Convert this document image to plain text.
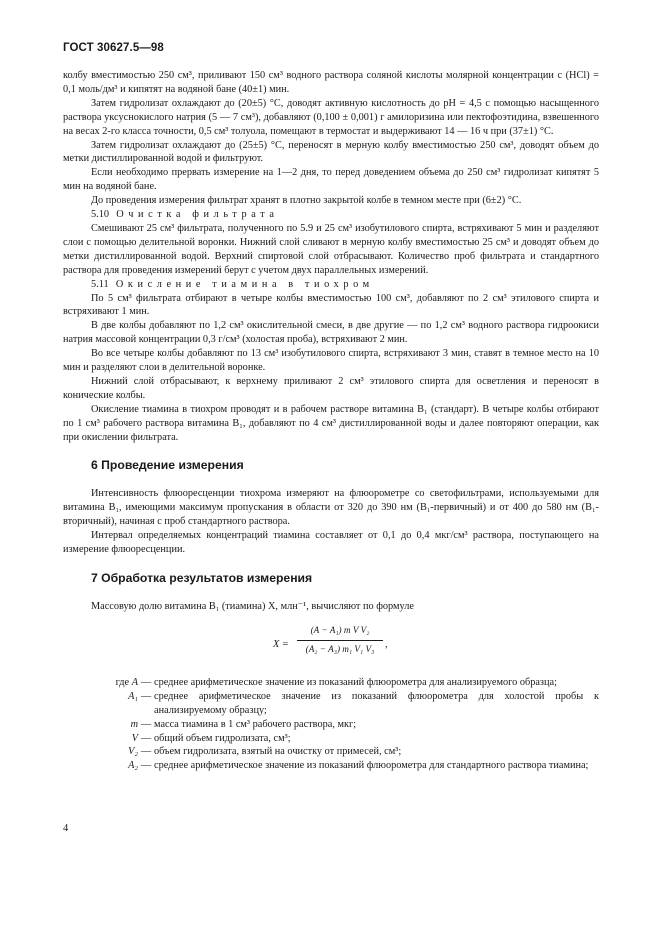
ГОСТ 30627.5—98

колбу вместимостью 250 см³, приливают 150 см³ водного раствора соляной кислоты молярной концентрации c (HCl) = 0,1 моль/дм³ и кипятят на водяной бане (40±1) мин.

Затем гидролизат охлаждают до (20±5) °С, доводят активную кислотность до pH = 4,5 с помощью насыщенного раствора уксуснокислого натрия (5 — 7 см³), добавляют (0,100 ± 0,001) г амилоризина или пектофоэтидина, взвешенного на весах 2-го класса точности, 0,5 см³ толуола, помещают в термостат и выдерживают 14 — 16 ч при (37±1) °С.

Затем гидролизат охлаждают до (25±5) °С, переносят в мерную колбу вместимостью 250 см³, доводят объем до метки дистиллированной водой и фильтруют.

Если необходимо прервать измерение на 1—2 дня, то перед доведением объема до 250 см³ гидролизат кипятят 5 мин на водяной бане.

До проведения измерения фильтрат хранят в плотно закрытой колбе в темном месте при (6±2) °С.

5.10 Очистка фильтрата

Смешивают 25 см³ фильтрата, полученного по 5.9 и 25 см³ изобутилового спирта, встряхивают 5 мин и разделяют слои с помощью делительной воронки. Нижний слой сливают в мерную колбу вместимостью 25 см³ и доводят объем до метки дистиллированной водой. Верхний спиртовой слой отбрасывают. Количество проб фильтрата и стандартного раствора для проведения измерений берут с учетом двух параллельных измерений.

5.11 Окисление тиамина в тиохром

По 5 см³ фильтрата отбирают в четыре колбы вместимостью 100 см³, добавляют по 2 см³ этилового спирта и встряхивают 1 мин.

В две колбы добавляют по 1,2 см³ окислительной смеси, в две другие — по 1,2 см³ водного раствора гидроокиси натрия массовой концентрации 0,3 г/см³ (холостая проба), встряхивают 2 мин.

Во все четыре колбы добавляют по 13 см³ изобутилового спирта, встряхивают 3 мин, ставят в темное место на 10 мин и разделяют слои в делительной воронке.

Нижний слой отбрасывают, к верхнему приливают 2 см³ этилового спирта для осветления и переносят в конические колбы.

Окисление тиамина в тиохром проводят и в рабочем растворе витамина B₁ (стандарт). В четыре колбы отбирают по 1 см³ рабочего раствора витамина B₁, добавляют по 4 см³ дистиллированной воды и далее повторяют операции, как при окислении фильтрата.

6 Проведение измерения

Интенсивность флюоресценции тиохрома измеряют на флюорометре со светофильтрами, используемыми для витамина B₁, имеющими максимум пропускания в области от 320 до 390 нм (B₁-первичный) и от 400 до 580 нм (B₁-вторичный), начиная с проб стандартного раствора.

Интервал определяемых концентраций тиамина составляет от 0,1 до 0,4 мкг/см³ раствора, поступающего на измерение флюоресценции.

7 Обработка результатов измерения

Массовую долю витамина B₁ (тиамина) X, млн⁻¹, вычисляют по формуле

$X = \frac{\text{(A − A₁) m V V₂}}{\text{(A₂ − A₃) m₁ V₁ V₃}}$ ,
где A — среднее арифметическое значение из показаний флюорометра для анализируемого образца;
A₁ — среднее арифметическое значение из показаний флюорометра для холостой пробы к анализируемому образцу;
m — масса тиамина в 1 см³ рабочего раствора, мкг;
V — общий объем гидролизата, см³;
V₂ — объем гидролизата, взятый на очистку от примесей, см³;
A₂ — среднее арифметическое значение из показаний флюорометра для стандартного раствора тиамина;
4
